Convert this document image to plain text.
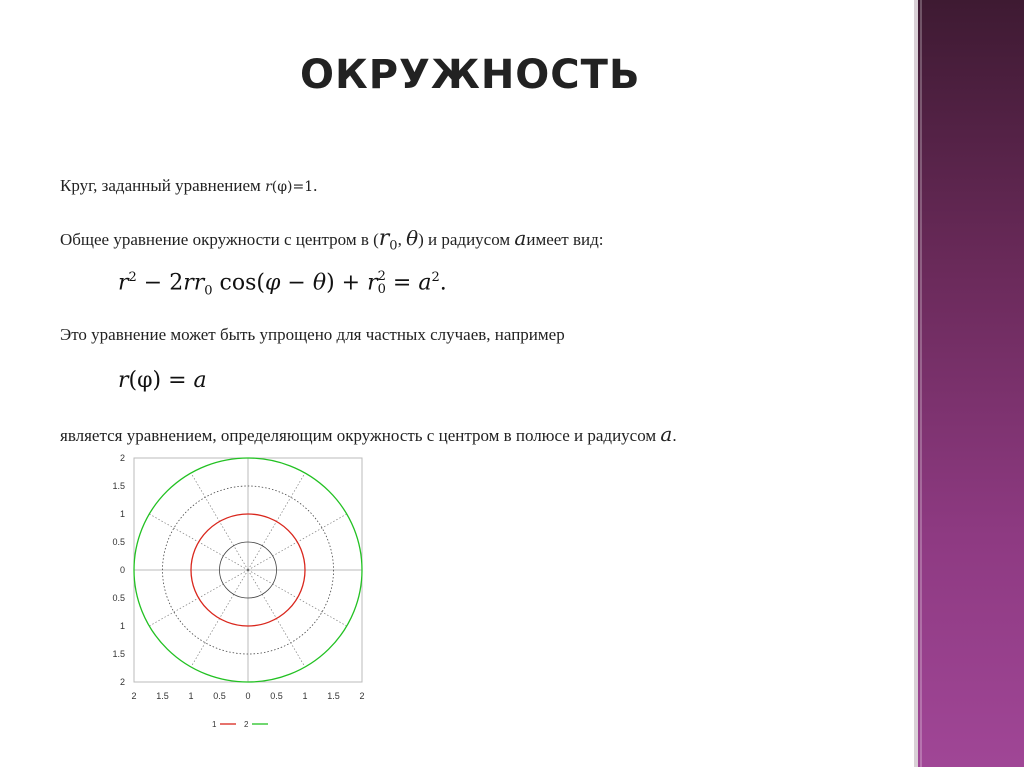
ОКРУЖНОСТЬ
Круг, заданный уравнением r(φ)=1.
Общее уравнение окружности с центром в ($r_0$, θ) и радиусом aимеет вид:
$r^2 - 2rr_0$ cos(φ − θ) + r 2
$0 = a^2$.
Это уравнение может быть упрощено для частных случаев, например
r(φ) = a
является уравнением, определяющим окружность с центром в полюсе и радиусом a.
2 1.5 1 0.5 0 0.5 1 1.5 2
2
1.5
1
0.5
0
0.5
1
1.5
2
1	2
